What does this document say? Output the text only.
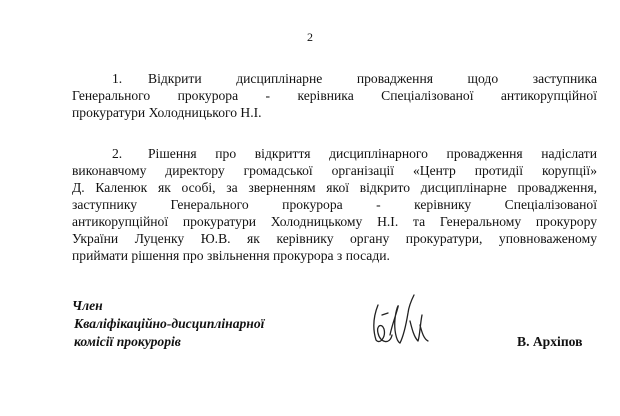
2
1. Відкрити дисциплінарне провадження щодо заступника
Генерального прокурора - керівника Спеціалізованої антикорупційної
прокуратури Холодницького Н.І.
2. Рішення про відкриття дисциплінарного провадження надіслати
виконавчому директору громадської організації «Центр протидії корупції»
Д. Каленюк як особі, за зверненням якої відкрито дисциплінарне провадження,
заступнику Генерального прокурора - керівнику Спеціалізованої
антикорупційної прокуратури Холодницькому Н.І. та Генеральному прокурору
України Луценку Ю.В. як керівнику органу прокуратури, уповноваженому
приймати рішення про звільнення прокурора з посади.
Член
Кваліфікаційно-дисциплінарної
комісії прокурорів	В. Архіпов
